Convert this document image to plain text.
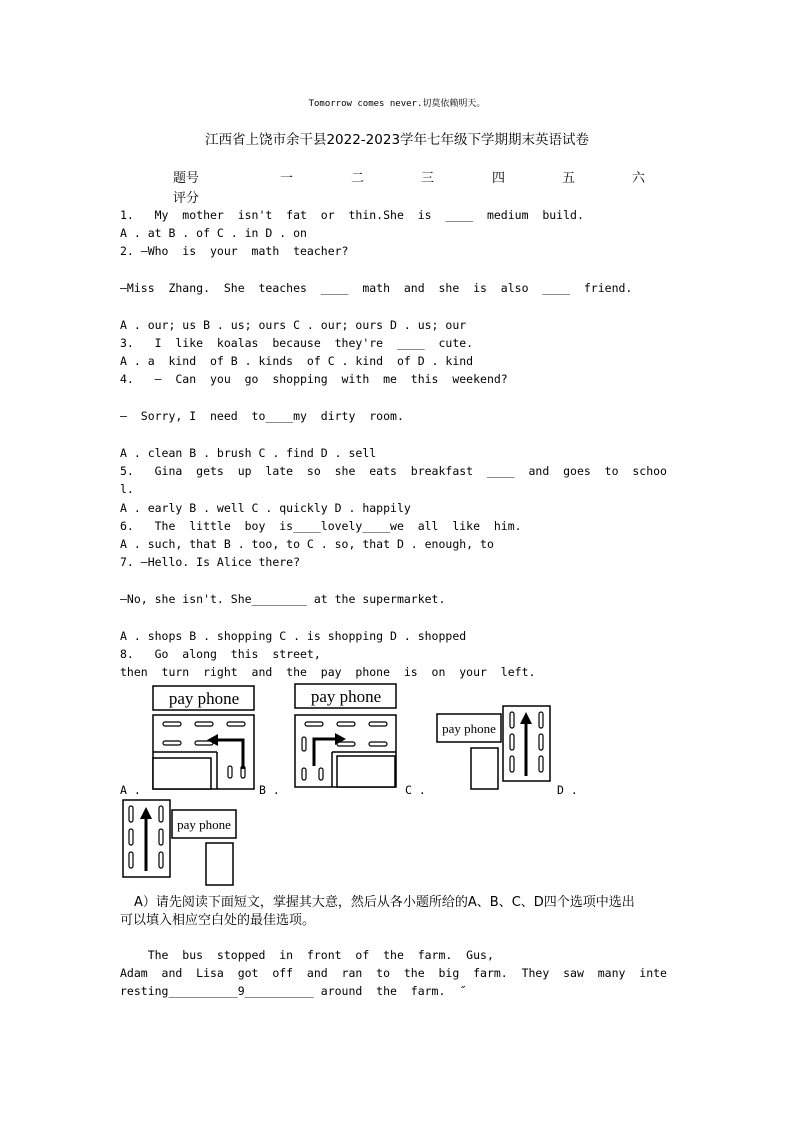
Tomorrow comes never.切莫依赖明天。
江西省上饶市余干县2022-2023学年七年级下学期期末英语试卷
题号	一	二	三	四	五	六
评分
1.   My  mother  isn't  fat  or  thin.She  is  ____  medium  build.
A . at B . of C . in D . on
2. —Who  is  your  math  teacher?
—Miss  Zhang.  She  teaches  ____  math  and  she  is  also  ____  friend.
A . our; us B . us; ours C . our; ours D . us; our
3.   I  like  koalas  because  they're  ____  cute.
A . a  kind  of B . kinds  of C . kind  of D . kind
4.   —  Can  you  go  shopping  with  me  this  weekend?
—  Sorry, I  need  to____my  dirty  room.
A . clean B . brush C . find D . sell
5.   Gina  gets  up  late  so  she  eats  breakfast  ____  and  goes  to  schoo
l.
A . early B . well C . quickly D . happily
6.   The  little  boy  is____lovely____we  all  like  him.
A . such, that B . too, to C . so, that D . enough, to
7. —Hello. Is Alice there?
—No, she isn't. She________ at the supermarket.
A . shops B . shopping C . is shopping D . shopped
8.   Go  along  this  street,
then  turn  right  and  the  pay  phone  is  on  your  left.
pay phone
A .
pay phone
B .
pay phone
C .	D .
pay phone
A）请先阅读下面短文，掌握其大意，然后从各小题所给的A、B、C、D四个选项中选出
可以填入相应空白处的最佳选项。
The  bus  stopped  in  front  of  the  farm.  Gus,
Adam  and  Lisa  got  off  and  ran  to  the  big  farm.  They  saw  many  inte
resting__________9__________ around  the  farm.  ˝
